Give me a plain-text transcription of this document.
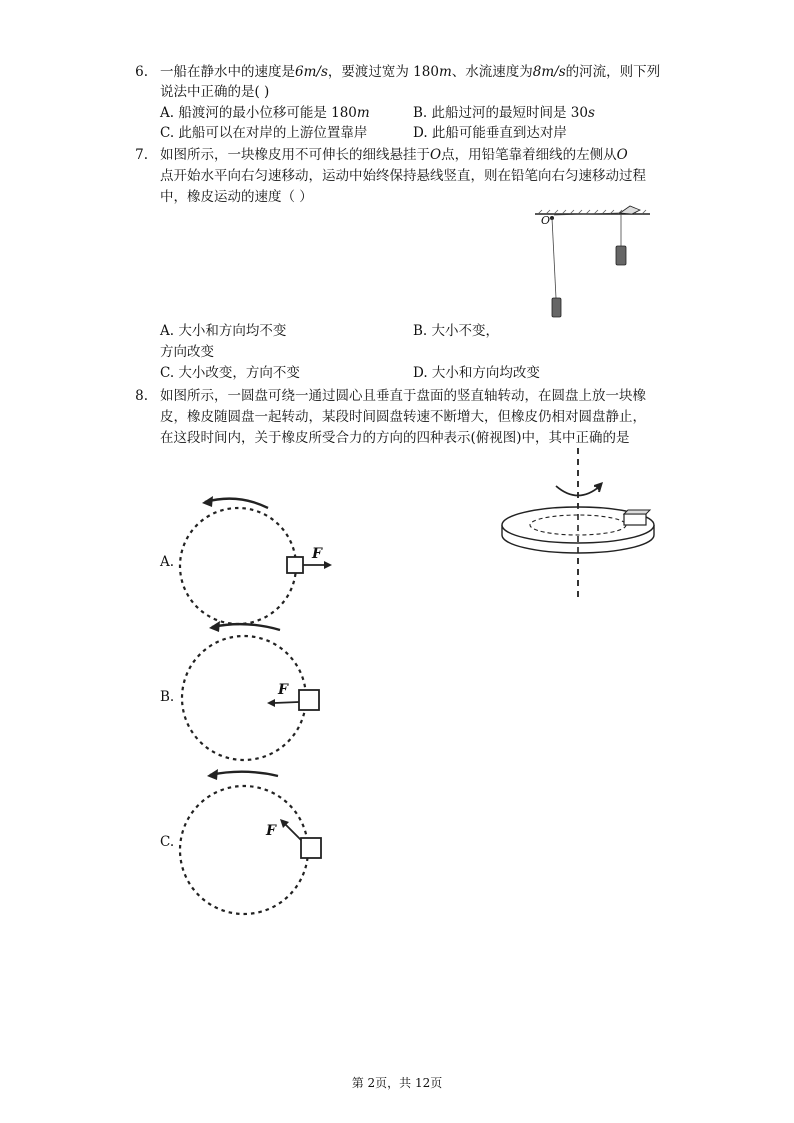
6. 一船在静水中的速度是6m/s，要渡过宽为 180m、水流速度为8m/s的河流，则下列
说法中正确的是( )
A. 船渡河的最小位移可能是 180m	B. 此船过河的最短时间是 30s
C. 此船可以在对岸的上游位置靠岸	D. 此船可能垂直到达对岸
7. 如图所示，一块橡皮用不可伸长的细线悬挂于O点，用铅笔靠着细线的左侧从O
点开始水平向右匀速移动，运动中始终保持悬线竖直，则在铅笔向右匀速移动过程
中，橡皮运动的速度（ ）
O
A. 大小和方向均不变	B. 大小不变，
方向改变
C. 大小改变，方向不变	D. 大小和方向均改变
8. 如图所示，一圆盘可绕一通过圆心且垂直于盘面的竖直轴转动，在圆盘上放一块橡
皮，橡皮随圆盘一起转动，某段时间圆盘转速不断增大，但橡皮仍相对圆盘静止，
在这段时间内，关于橡皮所受合力的方向的四种表示(俯视图)中，其中正确的是
A.	F
B.	F
C.
F
第 2页，共 12页
